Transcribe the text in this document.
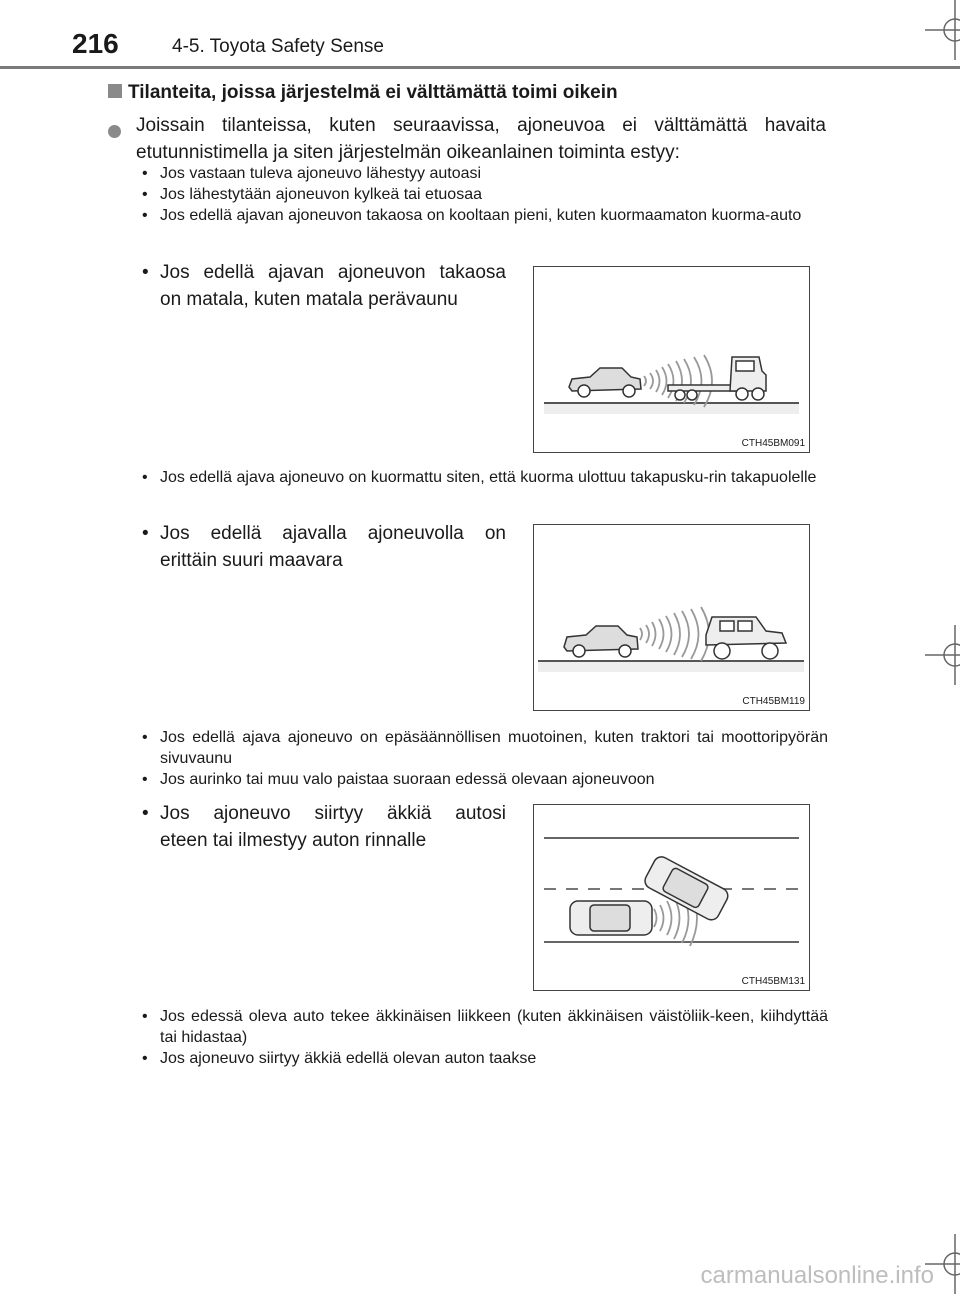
216	4-5. Toyota Safety Sense
Tilanteita, joissa järjestelmä ei välttämättä toimi oikein
Joissain tilanteissa, kuten seuraavissa, ajoneuvoa ei välttämättä havaita etutunnistimella ja siten järjestelmän oikeanlainen toiminta estyy:
• Jos vastaan tuleva ajoneuvo lähestyy autoasi
• Jos lähestytään ajoneuvon kylkeä tai etuosaa
• Jos edellä ajavan ajoneuvon takaosa on kooltaan pieni, kuten kuormaamaton kuorma-auto
• Jos edellä ajavan ajoneuvon takaosa
on matala, kuten matala perävaunu
CTH45BM091
• Jos edellä ajava ajoneuvo on kuormattu siten, että kuorma ulottuu takapusku-rin takapuolelle
• Jos edellä ajavalla ajoneuvolla on
erittäin suuri maavara
CTH45BM119
• Jos edellä ajava ajoneuvo on epäsäännöllisen muotoinen, kuten traktori tai moottoripyörän sivuvaunu
• Jos aurinko tai muu valo paistaa suoraan edessä olevaan ajoneuvoon
• Jos ajoneuvo siirtyy äkkiä autosi
eteen tai ilmestyy auton rinnalle
CTH45BM131
• Jos edessä oleva auto tekee äkkinäisen liikkeen (kuten äkkinäisen väistöliik-keen, kiihdyttää tai hidastaa)
• Jos ajoneuvo siirtyy äkkiä edellä olevan auton taakse
carmanualsonline.info
